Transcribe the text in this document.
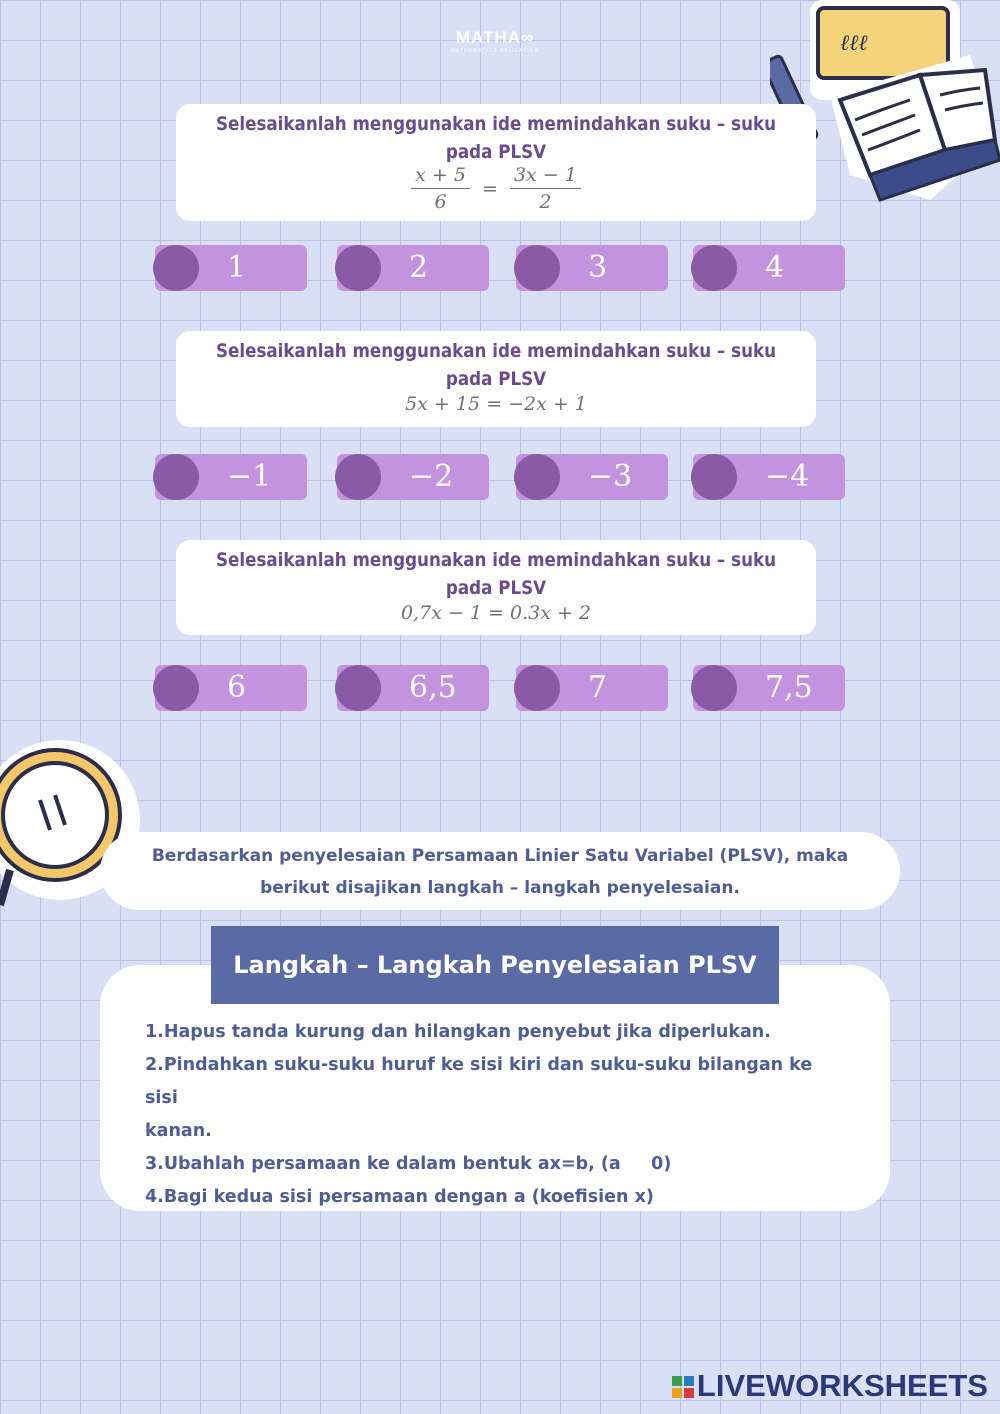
MATHA∞
MATHEMATICS APLICATION	ℓℓℓ
Selesaikanlah menggunakan ide memindahkan suku – suku
pada PLSV
$\frac{x + 5}{6} = \frac{3x - 1}{2}$
1	2	3	4
Selesaikanlah menggunakan ide memindahkan suku – suku
pada PLSV
5x + 15 = −2x + 1
−1	−2	−3	−4
Selesaikanlah menggunakan ide memindahkan suku – suku
pada PLSV
0,7x − 1 = 0.3x + 2
6	6,5	7	7,5
Berdasarkan penyelesaian Persamaan Linier Satu Variabel (PLSV), maka
berikut disajikan langkah – langkah penyelesaian.
Langkah – Langkah Penyelesaian PLSV
1.Hapus tanda kurung dan hilangkan penyebut jika diperlukan.
2.Pindahkan suku-suku huruf ke sisi kiri dan suku-suku bilangan ke sisi
kanan.
3.Ubahlah persamaan ke dalam bentuk ax=b, (a     0)
4.Bagi kedua sisi persamaan dengan a (koefisien x)
LIVEWORKSHEETS
